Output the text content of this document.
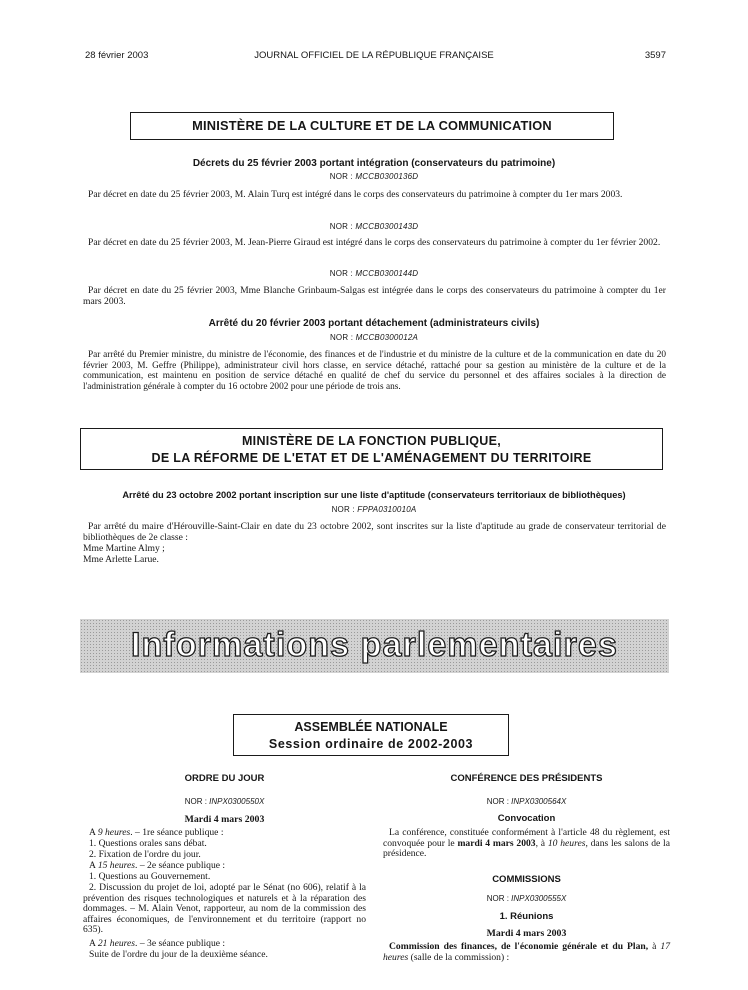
28 février 2003	JOURNAL OFFICIEL DE LA RÉPUBLIQUE FRANÇAISE	3597
MINISTÈRE DE LA CULTURE ET DE LA COMMUNICATION
Décrets du 25 février 2003 portant intégration (conservateurs du patrimoine)
NOR : MCCB0300136D
Par décret en date du 25 février 2003, M. Alain Turq est intégré dans le corps des conservateurs du patrimoine à compter du 1er mars 2003.
NOR : MCCB0300143D
Par décret en date du 25 février 2003, M. Jean-Pierre Giraud est intégré dans le corps des conservateurs du patrimoine à compter du 1er février 2002.
NOR : MCCB0300144D
Par décret en date du 25 février 2003, Mme Blanche Grinbaum-Salgas est intégrée dans le corps des conservateurs du patrimoine à compter du 1er mars 2003.
Arrêté du 20 février 2003 portant détachement (administrateurs civils)
NOR : MCCB0300012A
Par arrêté du Premier ministre, du ministre de l'économie, des finances et de l'industrie et du ministre de la culture et de la communication en date du 20 février 2003, M. Geffre (Philippe), administrateur civil hors classe, en service détaché, rattaché pour sa gestion au ministère de la culture et de la communication, est maintenu en position de service détaché en qualité de chef du service du personnel et des affaires sociales à la direction de l'administration générale à compter du 16 octobre 2002 pour une période de trois ans.
MINISTÈRE DE LA FONCTION PUBLIQUE,
DE LA RÉFORME DE L'ETAT ET DE L'AMÉNAGEMENT DU TERRITOIRE
Arrêté du 23 octobre 2002 portant inscription sur une liste d'aptitude (conservateurs territoriaux de bibliothèques)
NOR : FPPA0310010A
Par arrêté du maire d'Hérouville-Saint-Clair en date du 23 octobre 2002, sont inscrites sur la liste d'aptitude au grade de conservateur territorial de bibliothèques de 2e classe :
Mme Martine Almy ;
Mme Arlette Larue.
Informations parlementaires
ASSEMBLÉE NATIONALE
Session ordinaire de 2002-2003
ORDRE DU JOUR
NOR : INPX0300550X
Mardi 4 mars 2003
A 9 heures. – 1re séance publique :
1. Questions orales sans débat.
2. Fixation de l'ordre du jour.
A 15 heures. – 2e séance publique :
1. Questions au Gouvernement.
2. Discussion du projet de loi, adopté par le Sénat (no 606), relatif à la prévention des risques technologiques et naturels et à la réparation des dommages. – M. Alain Venot, rapporteur, au nom de la commission des affaires économiques, de l'environnement et du territoire (rapport no 635).
A 21 heures. – 3e séance publique :
Suite de l'ordre du jour de la deuxième séance.
CONFÉRENCE DES PRÉSIDENTS
NOR : INPX0300564X
Convocation
La conférence, constituée conformément à l'article 48 du règlement, est convoquée pour le mardi 4 mars 2003, à 10 heures, dans les salons de la présidence.
COMMISSIONS
NOR : INPX0300555X
1. Réunions
Mardi 4 mars 2003
Commission des finances, de l'économie générale et du Plan, à 17 heures (salle de la commission) :
